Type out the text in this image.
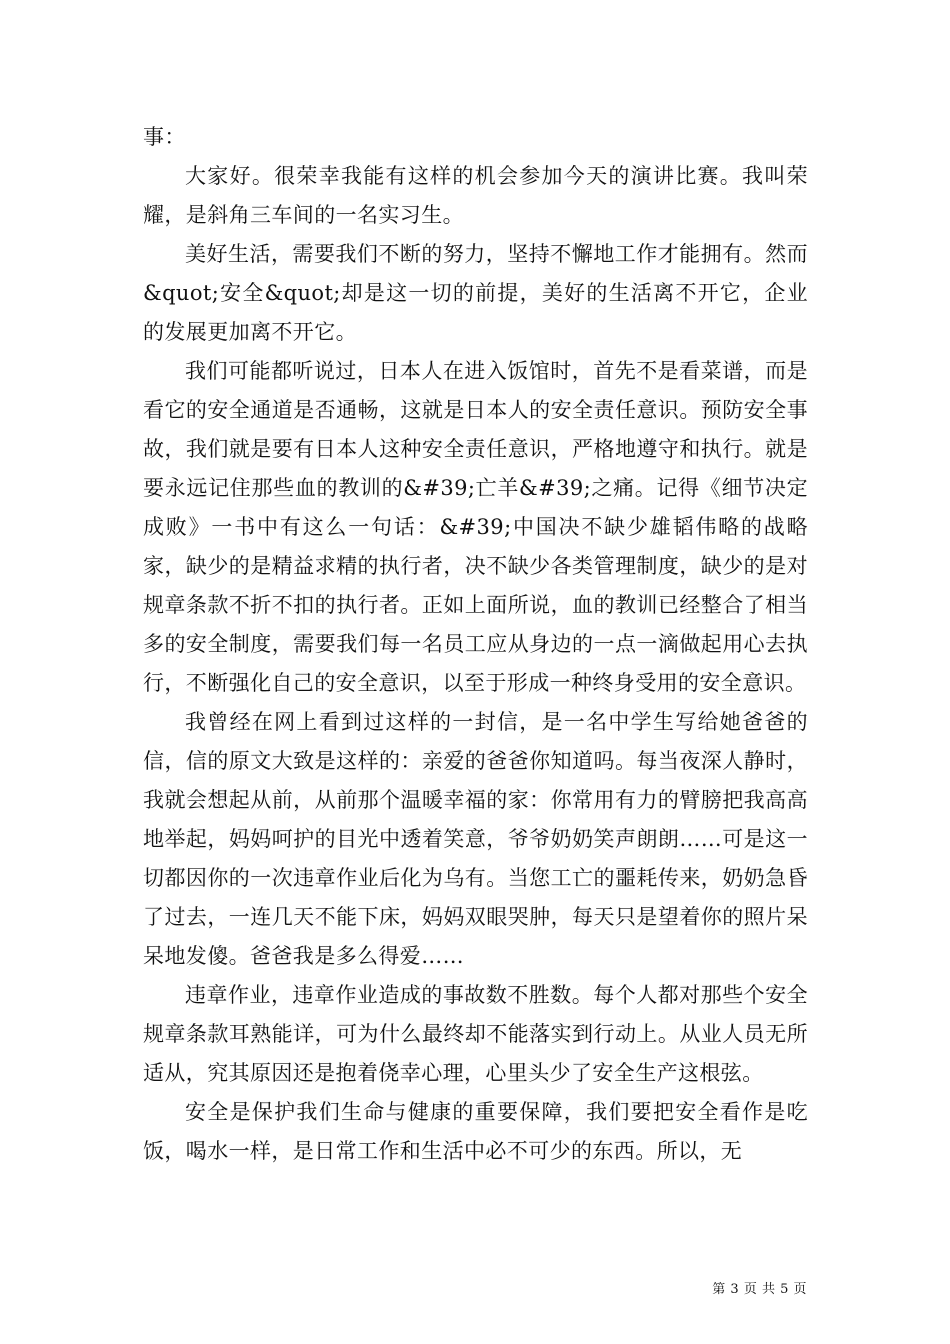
事：

大家好。很荣幸我能有这样的机会参加今天的演讲比赛。我叫荣耀，是斜角三车间的一名实习生。

美好生活，需要我们不断的努力，坚持不懈地工作才能拥有。然而&quot;安全&quot;却是这一切的前提，美好的生活离不开它，企业的发展更加离不开它。

我们可能都听说过，日本人在进入饭馆时，首先不是看菜谱，而是看它的安全通道是否通畅，这就是日本人的安全责任意识。预防安全事故，我们就是要有日本人这种安全责任意识，严格地遵守和执行。就是要永远记住那些血的教训的&#39;亡羊&#39;之痛。记得《细节决定成败》一书中有这么一句话：&#39;中国决不缺少雄韬伟略的战略家，缺少的是精益求精的执行者，决不缺少各类管理制度，缺少的是对规章条款不折不扣的执行者。正如上面所说，血的教训已经整合了相当多的安全制度，需要我们每一名员工应从身边的一点一滴做起用心去执行，不断强化自己的安全意识，以至于形成一种终身受用的安全意识。

我曾经在网上看到过这样的一封信，是一名中学生写给她爸爸的信，信的原文大致是这样的：亲爱的爸爸你知道吗。每当夜深人静时，我就会想起从前，从前那个温暖幸福的家：你常用有力的臂膀把我高高地举起，妈妈呵护的目光中透着笑意，爷爷奶奶笑声朗朗……可是这一切都因你的一次违章作业后化为乌有。当您工亡的噩耗传来，奶奶急昏了过去，一连几天不能下床，妈妈双眼哭肿，每天只是望着你的照片呆呆地发傻。爸爸我是多么得爱……

违章作业，违章作业造成的事故数不胜数。每个人都对那些个安全规章条款耳熟能详，可为什么最终却不能落实到行动上。从业人员无所适从，究其原因还是抱着侥幸心理，心里头少了安全生产这根弦。

安全是保护我们生命与健康的重要保障，我们要把安全看作是吃饭，喝水一样，是日常工作和生活中必不可少的东西。所以，无

第 3 页 共 5 页
